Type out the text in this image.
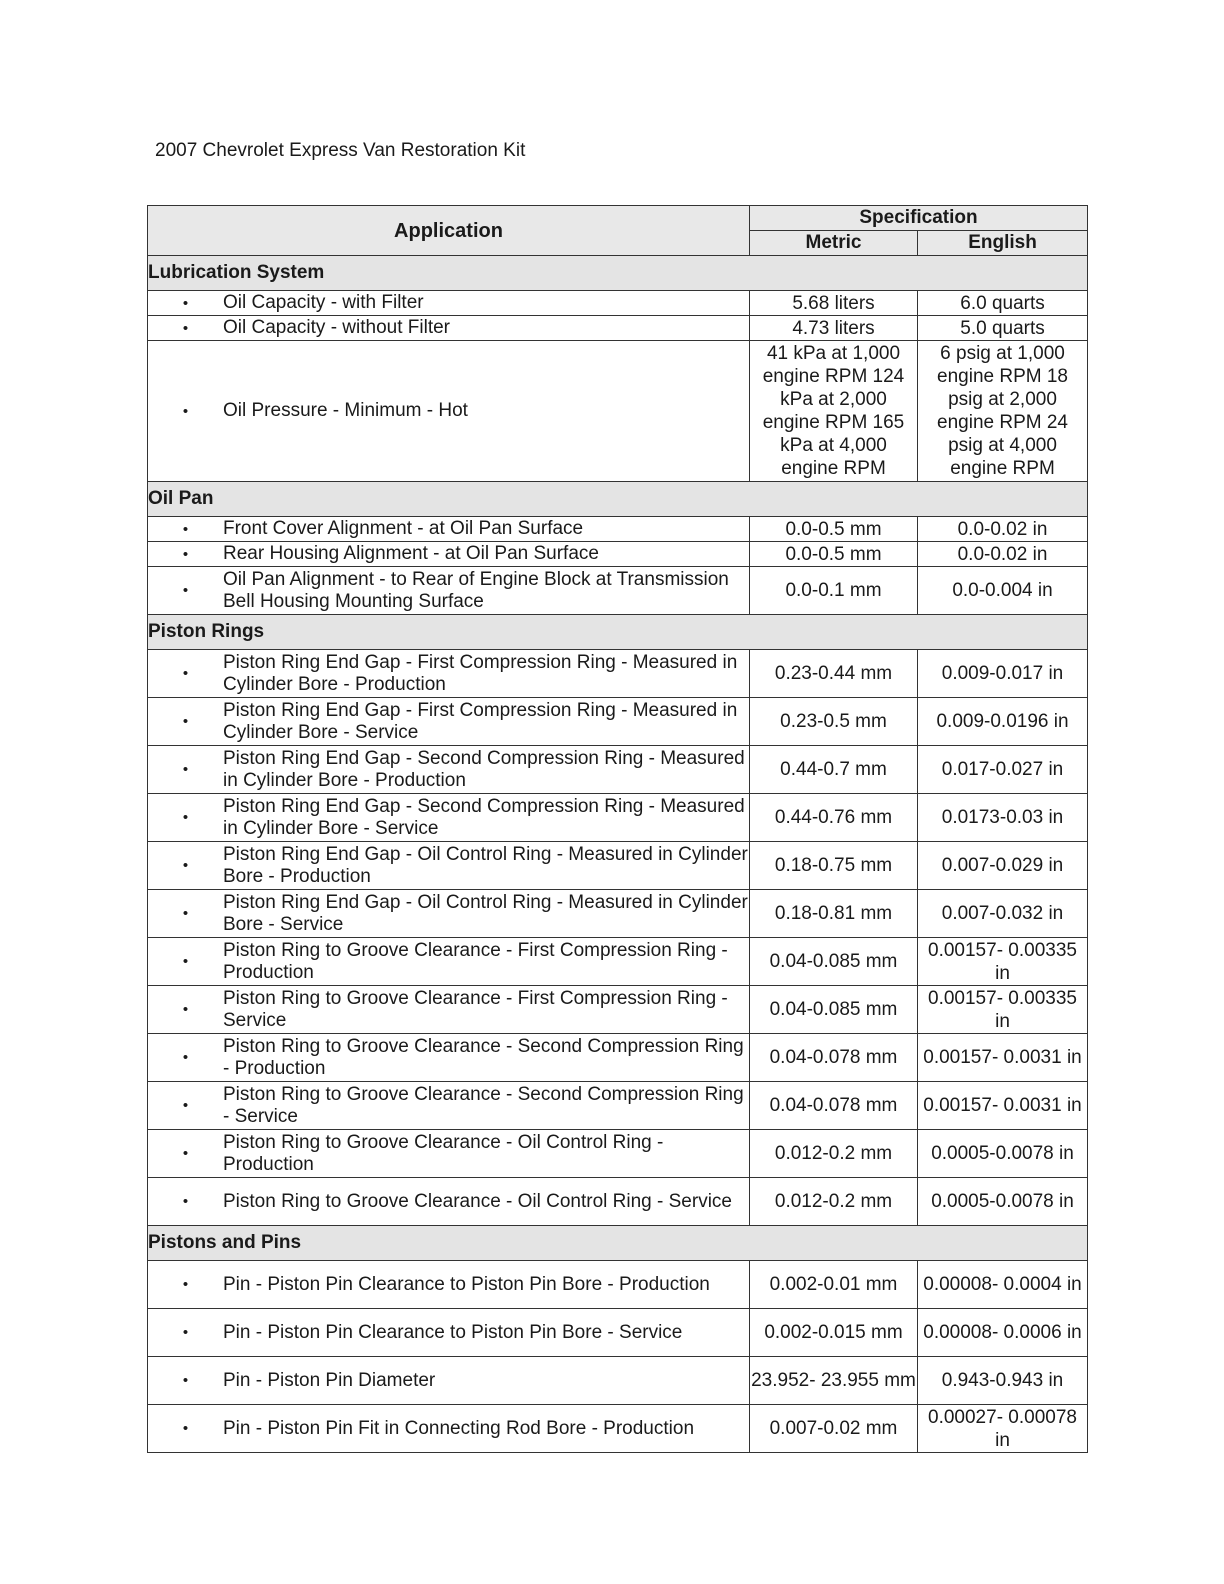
2007 Chevrolet Express Van Restoration Kit
Application	Specification	
	Metric	English
Lubrication System		

• Oil Capacity - with Filter	5.68 liters	6.0 quarts

• Oil Capacity - without Filter	4.73 liters	5.0 quarts

• Oil Pressure - Minimum - Hot	41 kPa at 1,000 engine RPM 124 kPa at 2,000 engine RPM 165 kPa at 4,000 engine RPM	6 psig at 1,000 engine RPM 18 psig at 2,000 engine RPM 24 psig at 4,000 engine RPM
Oil Pan		

• Front Cover Alignment - at Oil Pan Surface	0.0-0.5 mm	0.0-0.02 in

• Rear Housing Alignment - at Oil Pan Surface	0.0-0.5 mm	0.0-0.02 in

•
Oil Pan Alignment - to Rear of Engine Block at Transmission Bell Housing Mounting Surface	0.0-0.1 mm	0.0-0.004 in
Piston Rings		

•
Piston Ring End Gap - First Compression Ring - Measured in Cylinder Bore - Production	0.23-0.44 mm	0.009-0.017 in

•
Piston Ring End Gap - First Compression Ring - Measured in Cylinder Bore - Service	0.23-0.5 mm	0.009-0.0196 in

•
Piston Ring End Gap - Second Compression Ring - Measured in Cylinder Bore - Production	0.44-0.7 mm	0.017-0.027 in

•
Piston Ring End Gap - Second Compression Ring - Measured in Cylinder Bore - Service	0.44-0.76 mm	0.0173-0.03 in

•
Piston Ring End Gap - Oil Control Ring - Measured in Cylinder Bore - Production	0.18-0.75 mm	0.007-0.029 in

•
Piston Ring End Gap - Oil Control Ring - Measured in Cylinder Bore - Service	0.18-0.81 mm	0.007-0.032 in

•
Piston Ring to Groove Clearance - First Compression Ring - Production	0.04-0.085 mm	0.00157- 0.00335 in

•
Piston Ring to Groove Clearance - First Compression Ring - Service	0.04-0.085 mm	0.00157- 0.00335 in

•
Piston Ring to Groove Clearance - Second Compression Ring - Production	0.04-0.078 mm	0.00157- 0.0031 in

•
Piston Ring to Groove Clearance - Second Compression Ring - Service	0.04-0.078 mm	0.00157- 0.0031 in

•
Piston Ring to Groove Clearance - Oil Control Ring - Production	0.012-0.2 mm	0.0005-0.0078 in

• Piston Ring to Groove Clearance - Oil Control Ring - Service	0.012-0.2 mm	0.0005-0.0078 in
Pistons and Pins		

• Pin - Piston Pin Clearance to Piston Pin Bore - Production	0.002-0.01 mm	0.00008- 0.0004 in

• Pin - Piston Pin Clearance to Piston Pin Bore - Service	0.002-0.015 mm	0.00008- 0.0006 in

• Pin - Piston Pin Diameter	23.952- 23.955 mm	0.943-0.943 in

• Pin - Piston Pin Fit in Connecting Rod Bore - Production	0.007-0.02 mm	0.00027- 0.00078 in
